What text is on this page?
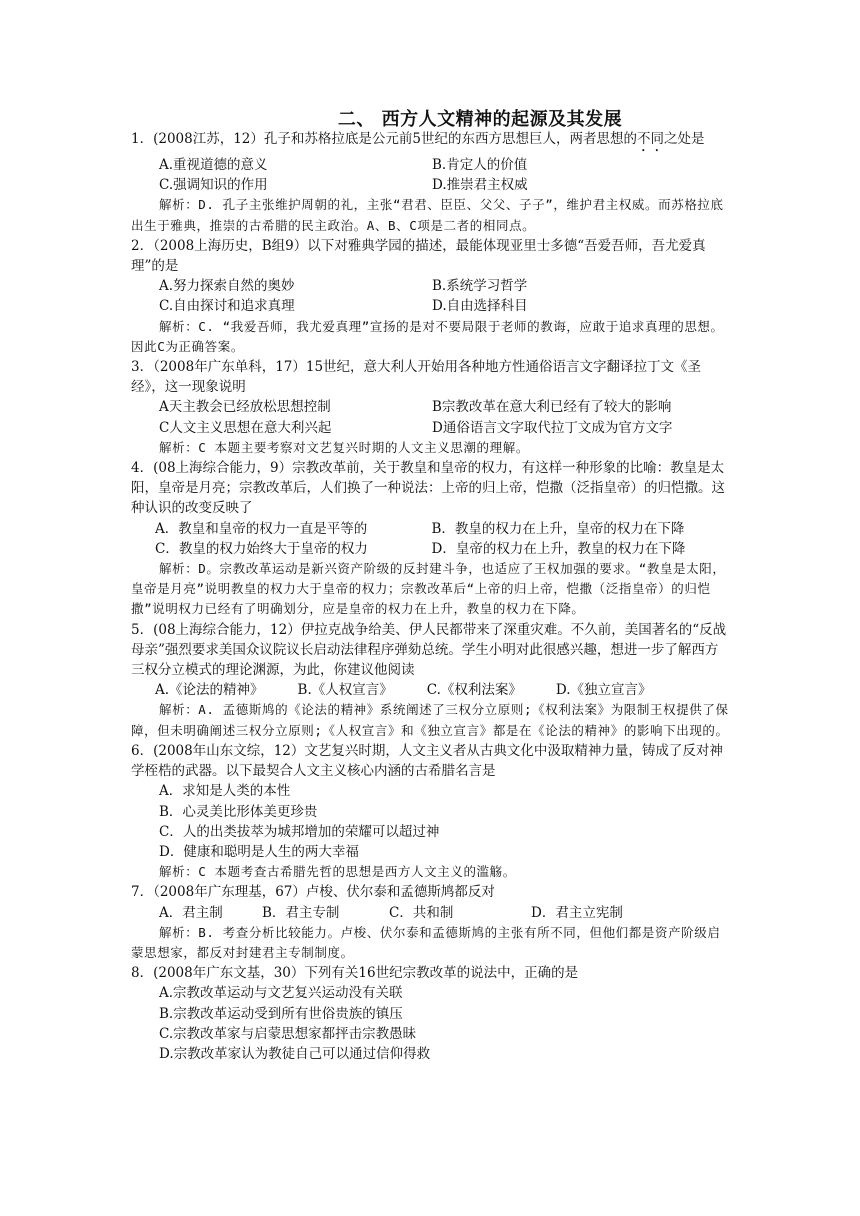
二、 西方人文精神的起源及其发展

1．(2008江苏，12）孔子和苏格拉底是公元前5世纪的东西方思想巨人，两者思想的不同之处是

A.重视道德的意义	B.肯定人的价值
C.强调知识的作用	D.推崇君主权威

解析：D. 孔子主张维护周朝的礼，主张“君君、臣臣、父父、子子”，维护君主权威。而苏格拉底出生于雅典，推崇的古希腊的民主政治。A、B、C项是二者的相同点。

2．（2008上海历史，B组9）以下对雅典学园的描述，最能体现亚里士多德“吾爱吾师，吾尤爱真理”的是

A.努力探索自然的奥妙	B.系统学习哲学
C.自由探讨和追求真理	D.自由选择科目

解析：C. “我爱吾师，我尤爱真理”宣扬的是对不要局限于老师的教诲，应敢于追求真理的思想。因此C为正确答案。

3．（2008年广东单科，17）15世纪，意大利人开始用各种地方性通俗语言文字翻译拉丁文《圣经》，这一现象说明

A天主教会已经放松思想控制	B宗教改革在意大利已经有了较大的影响
C人文主义思想在意大利兴起	D通俗语言文字取代拉丁文成为官方文字

解析：C 本题主要考察对文艺复兴时期的人文主义思潮的理解。

4．(08上海综合能力，9）宗教改革前，关于教皇和皇帝的权力，有这样一种形象的比喻：教皇是太阳，皇帝是月亮；宗教改革后，人们换了一种说法：上帝的归上帝，恺撒（泛指皇帝）的归恺撒。这种认识的改变反映了

A．教皇和皇帝的权力一直是平等的	B．教皇的权力在上升，皇帝的权力在下降
C．教皇的权力始终大于皇帝的权力	D．皇帝的权力在上升，教皇的权力在下降

解析：D。宗教改革运动是新兴资产阶级的反封建斗争，也适应了王权加强的要求。“教皇是太阳，皇帝是月亮”说明教皇的权力大于皇帝的权力；宗教改革后“上帝的归上帝，恺撒（泛指皇帝）的归恺撒”说明权力已经有了明确划分，应是皇帝的权力在上升，教皇的权力在下降。

5．(08上海综合能力，12）伊拉克战争给美、伊人民都带来了深重灾难。不久前，美国著名的“反战母亲”强烈要求美国众议院议长启动法律程序弹劾总统。学生小明对此很感兴趣，想进一步了解西方三权分立模式的理论渊源，为此，你建议他阅读

A.《论法的精神》	B.《人权宣言》	C.《权利法案》	D.《独立宣言》

解析：A. 孟德斯鸠的《论法的精神》系统阐述了三权分立原则;《权利法案》为限制王权提供了保障，但未明确阐述三权分立原则;《人权宣言》和《独立宣言》都是在《论法的精神》的影响下出现的。

6．(2008年山东文综，12）文艺复兴时期，人文主义者从古典文化中汲取精神力量，铸成了反对神学桎梏的武器。以下最契合人文主义核心内涵的古希腊名言是

A．求知是人类的本性
B．心灵美比形体美更珍贵
C．人的出类拔萃为城邦增加的荣耀可以超过神
D．健康和聪明是人生的两大幸福

解析：C 本题考查古希腊先哲的思想是西方人文主义的滥觞。

7．（2008年广东理基，67）卢梭、伏尔泰和孟德斯鸠都反对

A．君主制	B．君主专制	C．共和制	D．君主立宪制

解析：B. 考查分析比较能力。卢梭、伏尔泰和孟德斯鸠的主张有所不同，但他们都是资产阶级启蒙思想家，都反对封建君主专制制度。

8．(2008年广东文基，30）下列有关16世纪宗教改革的说法中，正确的是

A.宗教改革运动与文艺复兴运动没有关联
B.宗教改革运动受到所有世俗贵族的镇压
C.宗教改革家与启蒙思想家都抨击宗教愚昧
D.宗教改革家认为教徒自己可以通过信仰得救
